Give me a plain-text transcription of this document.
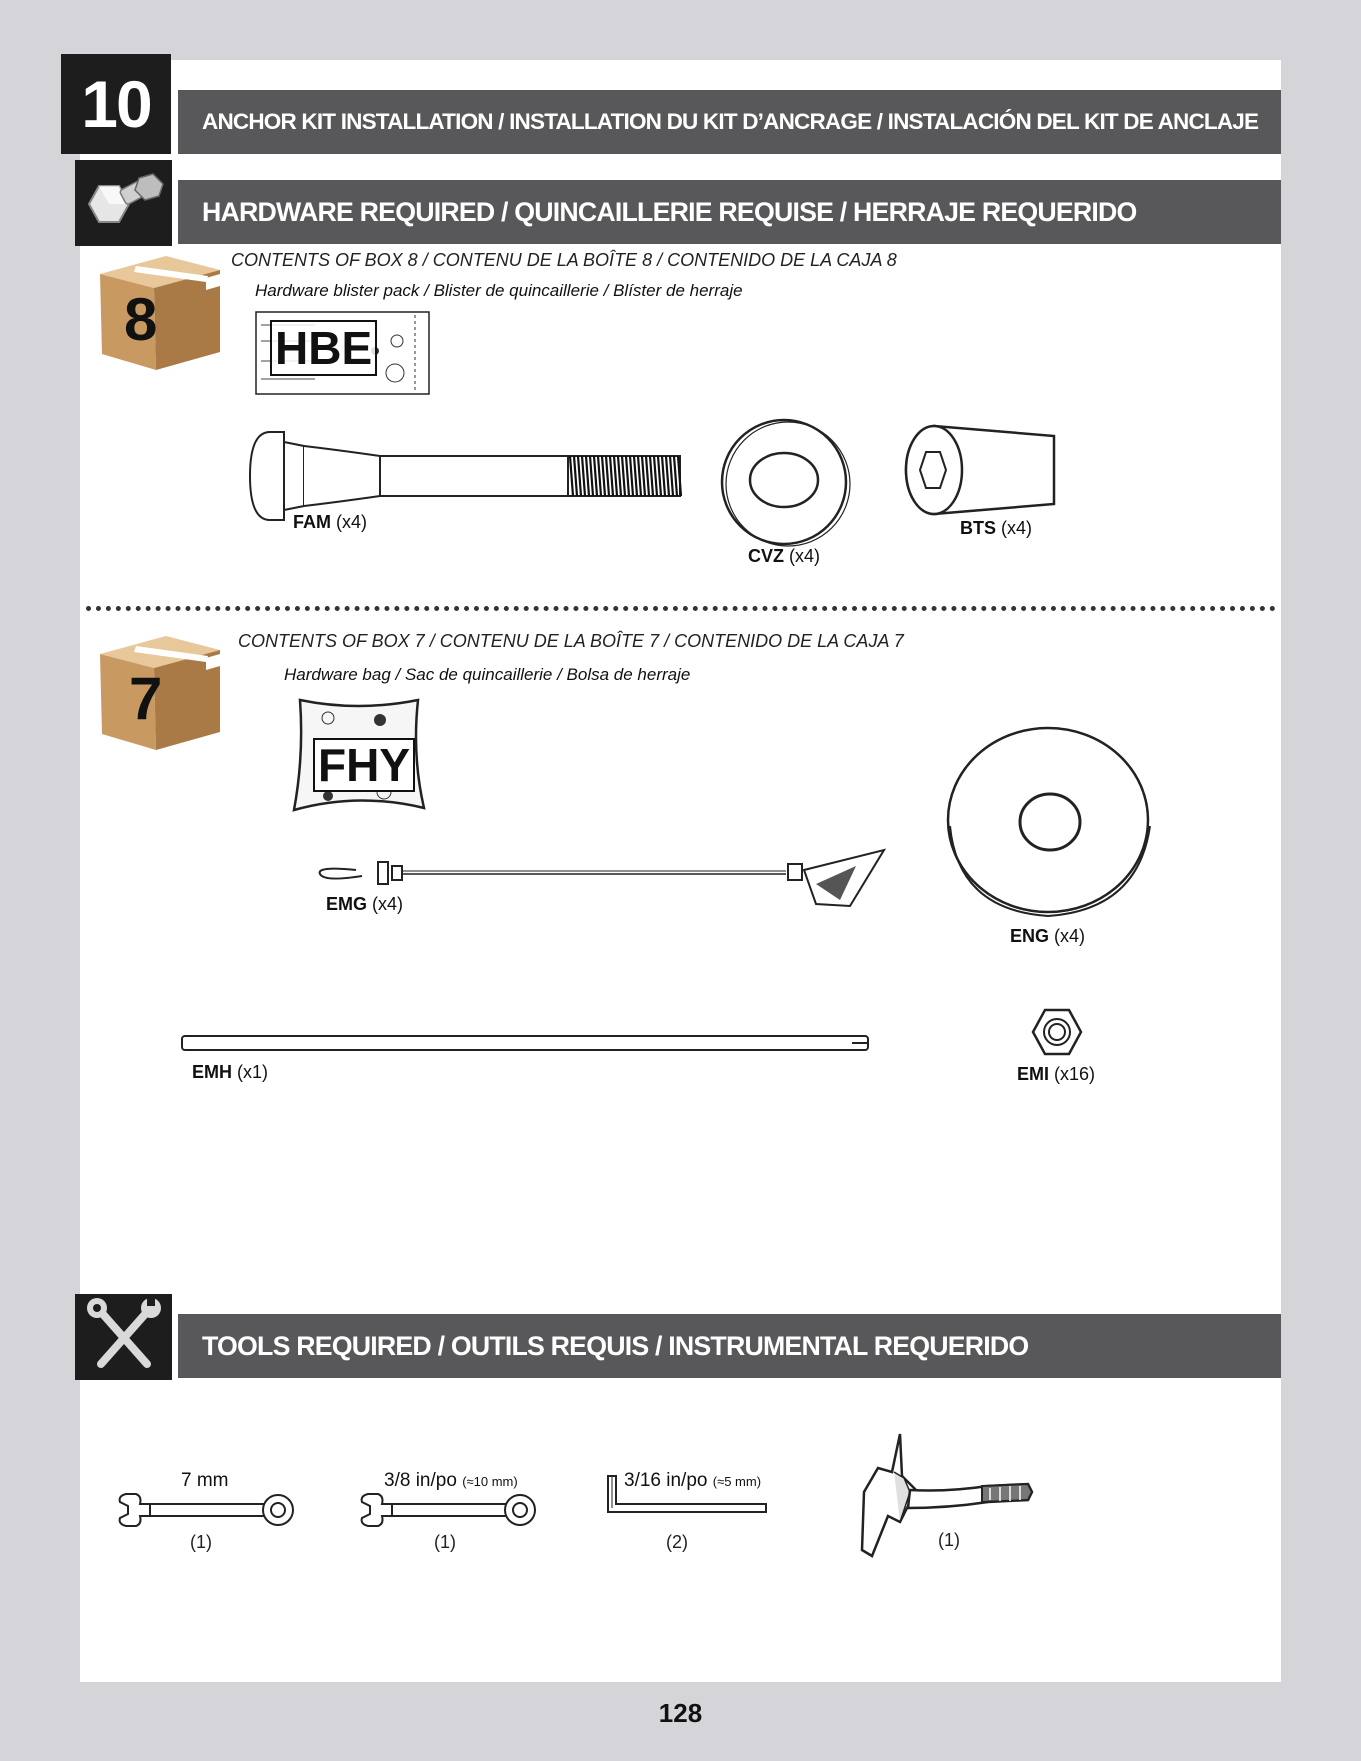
10	ANCHOR KIT INSTALLATION / INSTALLATION DU KIT D’ANCRAGE / INSTALACIÓN DEL KIT DE ANCLAJE
HARDWARE REQUIRED / QUINCAILLERIE REQUISE / HERRAJE REQUERIDO
8
CONTENTS OF BOX 8 / CONTENU DE LA BOÎTE 8 / CONTENIDO DE LA CAJA 8
Hardware blister pack / Blister de quincaillerie / Blíster de herraje
HBE
FAM (x4)
CVZ (x4)
BTS (x4)
7
CONTENTS OF BOX 7 / CONTENU DE LA BOÎTE 7 / CONTENIDO DE LA CAJA 7
Hardware bag / Sac de quincaillerie / Bolsa de herraje
FHY
EMG (x4)
ENG (x4)
EMH (x1)	EMI (x16)
TOOLS REQUIRED / OUTILS REQUIS / INSTRUMENTAL REQUERIDO
7 mm
(1)
3/8 in/po (≈10 mm)
(1)
3/16 in/po (≈5 mm)
(2)	(1)
128
